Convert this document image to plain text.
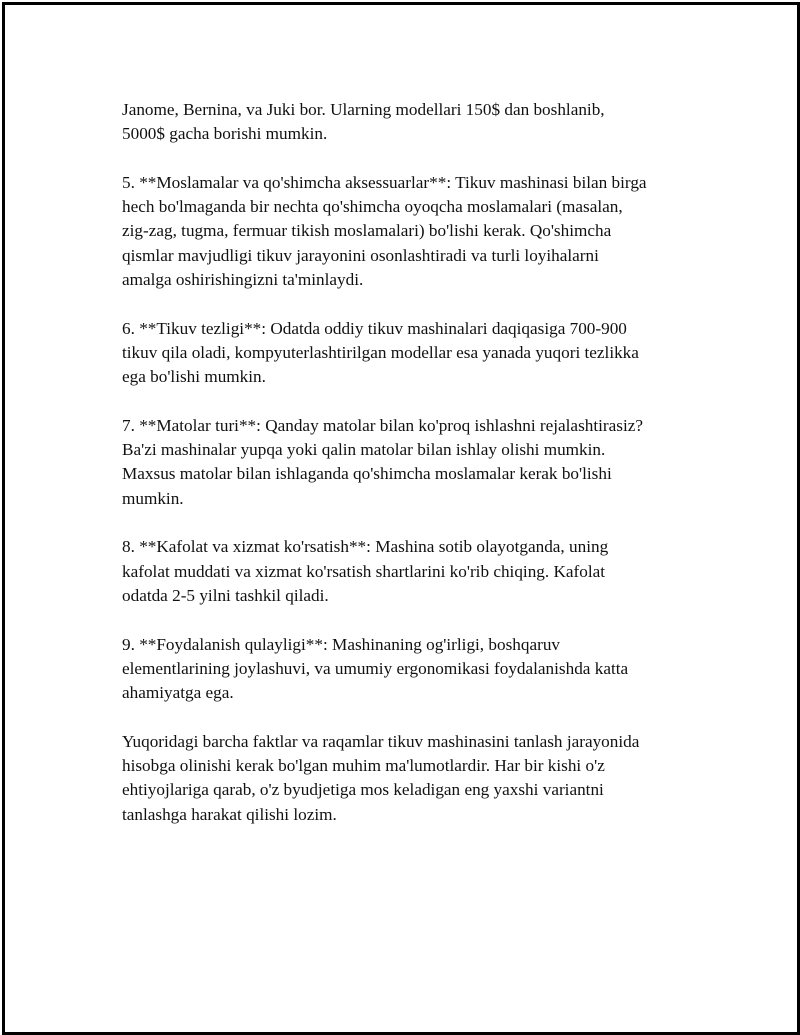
Janome, Bernina, va Juki bor. Ularning modellari 150$ dan boshlanib,
5000$ gacha borishi mumkin.

5. **Moslamalar va qo'shimcha aksessuarlar**: Tikuv mashinasi bilan birga
hech bo'lmaganda bir nechta qo'shimcha oyoqcha moslamalari (masalan,
zig-zag, tugma, fermuar tikish moslamalari) bo'lishi kerak. Qo'shimcha
qismlar mavjudligi tikuv jarayonini osonlashtiradi va turli loyihalarni
amalga oshirishingizni ta'minlaydi.

6. **Tikuv tezligi**: Odatda oddiy tikuv mashinalari daqiqasiga 700-900
tikuv qila oladi, kompyuterlashtirilgan modellar esa yanada yuqori tezlikka
ega bo'lishi mumkin.

7. **Matolar turi**: Qanday matolar bilan ko'proq ishlashni rejalashtirasiz?
Ba'zi mashinalar yupqa yoki qalin matolar bilan ishlay olishi mumkin.
Maxsus matolar bilan ishlaganda qo'shimcha moslamalar kerak bo'lishi
mumkin.

8. **Kafolat va xizmat ko'rsatish**: Mashina sotib olayotganda, uning
kafolat muddati va xizmat ko'rsatish shartlarini ko'rib chiqing. Kafolat
odatda 2-5 yilni tashkil qiladi.

9. **Foydalanish qulayligi**: Mashinaning og'irligi, boshqaruv
elementlarining joylashuvi, va umumiy ergonomikasi foydalanishda katta
ahamiyatga ega.

Yuqoridagi barcha faktlar va raqamlar tikuv mashinasini tanlash jarayonida
hisobga olinishi kerak bo'lgan muhim ma'lumotlardir. Har bir kishi o'z
ehtiyojlariga qarab, o'z byudjetiga mos keladigan eng yaxshi variantni
tanlashga harakat qilishi lozim.
